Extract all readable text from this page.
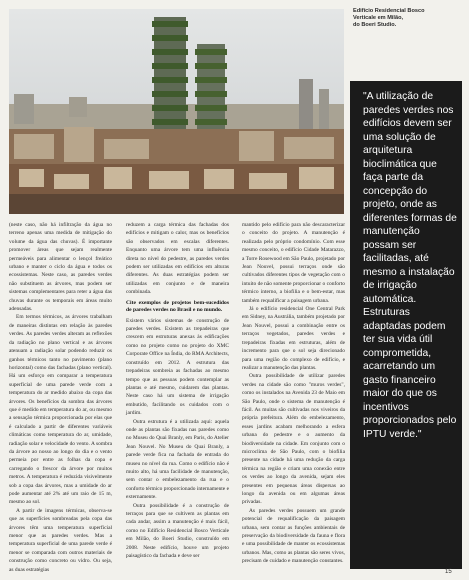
Edifício Residencial Bosco
Verticale em Milão,
do Boeri Studio.

(neste caso, não há infiltração da água no terreno apenas uma medida de mitigação do volume da água das chuvas). É importante promover áreas que sejam realmente permeáveis para alimentar o lençol freático urbano e manter o ciclo da água e todos os ecossistemas. Neste caso, as paredes verdes não substituem as árvores, mas podem ser sistemas complementares para reter a água das chuvas durante os temporais em áreas muito adensadas.

Em termos térmicos, as árvores trabalham de maneiras distintas em relação às paredes verdes. As paredes verdes alteram as reflexões da radiação no plano vertical e as árvores atenuam a radiação solar podendo reduzir os ganhos térmicos tanto no pavimento (plano horizontal) como das fachadas (plano vertical). Há um esforço em comparar a temperatura superficial de uma parede verde com a temperatura do ar medido abaixo da copa das árvores. Os benefícios da sombra das árvores que é medido em temperatura do ar, ou mesmo a sensação térmica proporcionada por elas que é calculado a partir de diferentes variáveis climáticas como temperatura do ar, umidade, radiação solar e velocidade do vento. A sombra da árvore ao nosso ao longo do dia e o vento permeia por entre as folhas da copa e carregando o frescor da árvore por muitos metros. A temperatura é reduzida visivelmente sob a copa das árvores, mas a umidade do ar pode aumentar até 2% até um raio de 15 m, mesmo ao sol.

A partir de imagens térmicas, observa-se que as superfícies sombreadas pela copa das árvores têm uma temperatura superficial menor que as paredes verdes. Mas a temperatura superficial de uma parede verde é menor se comparada com outros materiais de construção como concreto ou vidro. Ou seja, as duas estratégias

reduzem a carga térmica das fachadas dos edifícios e mitigam o calor, mas os benefícios são observados em escalas diferentes. Enquanto uma árvore tem uma influência direta no nível do pedestre, as paredes verdes podem ser utilizadas em edifícios em alturas diferentes. As duas estratégias podem ser utilizadas em conjunto e de maneira combinada.

Cite exemplos de projetos bem-sucedidos de paredes verdes no Brasil e no mundo.

Existem vários sistemas de construção de paredes verdes. Existem as trepadeiras que crescem em estruturas anexas às edificações como no projeto como no projeto do XMC Corporate Office na Índia, do RMA Architects, construído em 2012. A estrutura das trepadeiras sombreia as fachadas ao mesmo tempo que as pessoas podem contemplar as plantas e até mesmo, cuidarem das plantas. Neste caso há um sistema de irrigação embutido, facilitando os cuidados com o jardim.

Outra estrutura é a utilizada aqui: aquela onde as plantas são fixadas nas paredes como no Museu do Quai Branly, em Paris, do Atelier Jean Nouvel. No Museu do Quai Branly, a parede verde fica na fachada de entrada do museu no nível da rua. Como o edifício não é muito alto, há uma facilidade de manutenção, sem contar o embelezamento da rua e o conforto térmico proporcionado internamente e externamente.

Outra possibilidade é a construção de terraços para que se cultivem as plantas em cada andar, assim a manutenção é mais fácil, como no Edifício Residencial Bosco Verticale em Milão, do Boeri Studio, construído em 2008. Neste edifício, houve um projeto paisagístico da fachada e deve ser

mantido pelo edifício para não descaracterizar o conceito do projeto. A manutenção é realizada pelo próprio condomínio. Com esse mesmo conceito, o edifício Cidade Matarazzo, a Torre Rosewood em São Paulo, projetado por Jean Nouvel, possui terraços onde são cultivados diferentes tipos de vegetação com o intuito de não somente proporcionar o conforto térmico interno, a biofilia e o bem-estar, mas também requalificar a paisagem urbana.

Já o edifício residencial One Central Park em Sidney, na Austrália, também projetado por Jean Nouvel, possui a combinação entre os terraços vegetados, paredes verdes e trepadeiras fixadas em estruturas, além de incremento para que o sol seja direcionado para uma região do complexo de edifício, e realizar a manutenção das plantas.

Outra possibilidade de utilizar paredes verdes na cidade são como "muros verdes", como os instalados na Avenida 23 de Maio em São Paulo, onde o sistema de manutenção é fácil. As muitas são cultivadas nos viveiros da própria prefeitura. Além do embelezamento, esses jardins acabam melhorando a esfera urbana do pedestre e o aumento da biodiversidade na cidade. Em conjunto com o microclima de São Paulo, com o biofilia presente na cidade há uma redução da carga térmica na região e criam uma conexão entre os verdes ao longo da avenida, sejam eles presentes em pequenas áreas dispersas ao longo da avenida ou em algumas áreas privadas.

As paredes verdes possuem um grande potencial de requalificação da paisagem urbana, sem contar as funções ambientais de preservação da biodiversidade da fauna e flora e uma possibilidade de manter os ecossistemas urbanos. Mas, como as plantas são seres vivos, precisam de cuidado e manutenção constantes.

"A utilização de paredes verdes nos edifícios devem ser uma solução de arquitetura bioclimática que faça parte da concepção do projeto, onde as diferentes formas de manutenção possam ser facilitadas, até mesmo a instalação de irrigação automática. Estruturas adaptadas podem ter sua vida útil comprometida, acarretando um gasto financeiro maior do que os incentivos proporcionados pelo IPTU verde."
15
